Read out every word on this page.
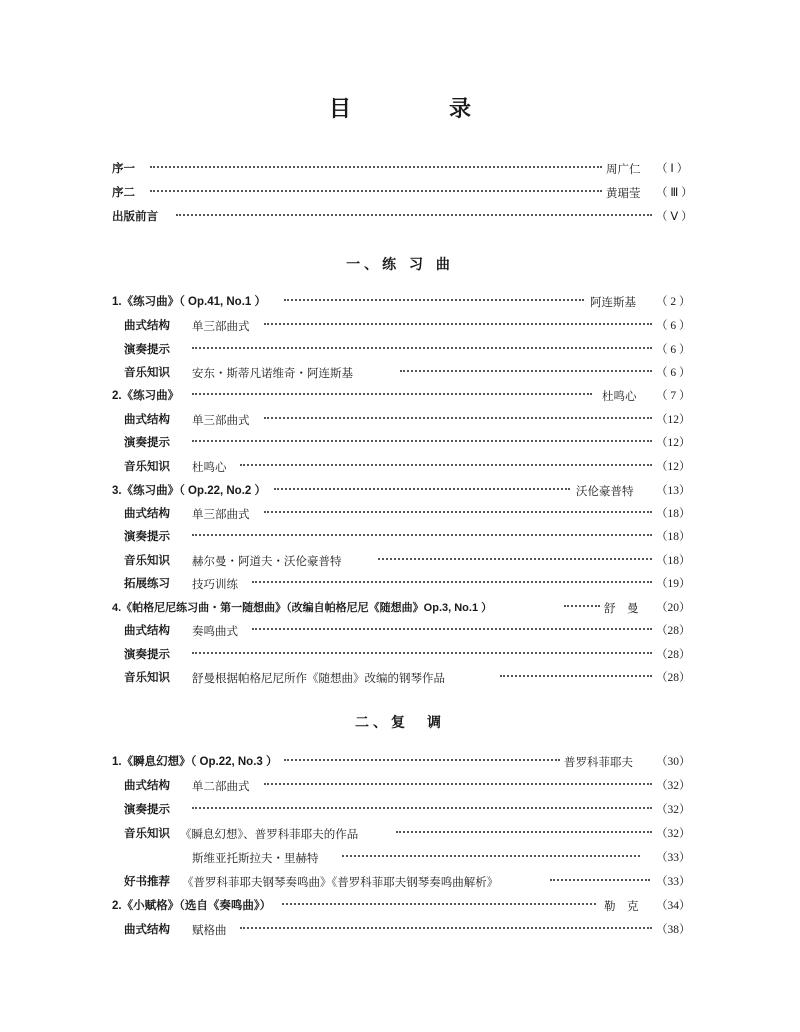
目　录
序一	周广仁 （ Ⅰ ）
序二	黄瑂莹 （ Ⅲ ）
出版前言	（ Ⅴ ）
一、练 习 曲
1.《练习曲》（ Op.41, No.1 ）	阿连斯基 （ 2 ）
曲式结构 单三部曲式	（ 6 ）
演奏提示	（ 6 ）
音乐知识 安东・斯蒂凡诺维奇・阿连斯基	（ 6 ）
2.《练习曲》	杜鸣心 （ 7 ）
曲式结构 单三部曲式	（12）
演奏提示	（12）
音乐知识 杜鸣心	（12）
3.《练习曲》（ Op.22, No.2 ）	沃伦豪普特 （13）
曲式结构 单三部曲式	（18）
演奏提示	（18）
音乐知识 赫尔曼・阿道夫・沃伦豪普特	（18）
拓展练习 技巧训练	（19）
4.《帕格尼尼练习曲・第一随想曲》（改编自帕格尼尼《随想曲》Op.3, No.1 ）	舒　曼 （20）
曲式结构 奏鸣曲式	（28）
演奏提示	（28）
音乐知识 舒曼根据帕格尼尼所作《随想曲》改编的钢琴作品	（28）
二、复　调
1.《瞬息幻想》（ Op.22, No.3 ）	普罗科菲耶夫 （30）
曲式结构 单二部曲式	（32）
演奏提示	（32）
音乐知识 《瞬息幻想》、普罗科菲耶夫的作品	（32）
斯维亚托斯拉夫・里赫特	（33）
好书推荐 《普罗科菲耶夫钢琴奏鸣曲》《普罗科菲耶夫钢琴奏鸣曲解析》	（33）
2.《小赋格》（选自《奏鸣曲》）	勒　克 （34）
曲式结构 赋格曲	（38）
